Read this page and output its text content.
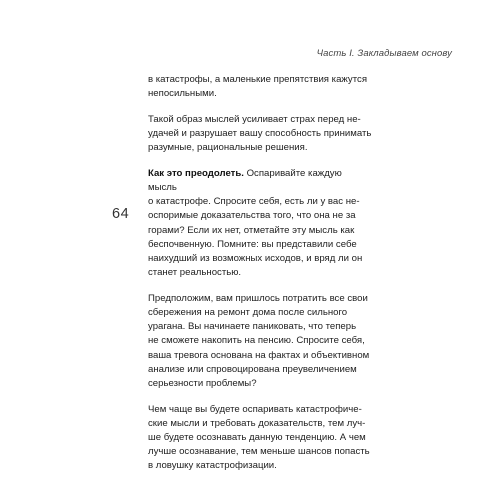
Часть I. Закладываем основу
64

в катастрофы, а маленькие препятствия кажутся
непосильными.

Такой образ мыслей усиливает страх перед не-
удачей и разрушает вашу способность принимать
разумные, рациональные решения.

Как это преодолеть. Оспаривайте каждую мысль
о катастрофе. Спросите себя, есть ли у вас не-
оспоримые доказательства того, что она не за
горами? Если их нет, отметайте эту мысль как
беспочвенную. Помните: вы представили себе
наихудший из возможных исходов, и вряд ли он
станет реальностью.

Предположим, вам пришлось потратить все свои
сбережения на ремонт дома после сильного
урагана. Вы начинаете паниковать, что теперь
не сможете накопить на пенсию. Спросите себя,
ваша тревога основана на фактах и объективном
анализе или спровоцирована преувеличением
серьезности проблемы?

Чем чаще вы будете оспаривать катастрофиче-
ские мысли и требовать доказательств, тем луч-
ше будете осознавать данную тенденцию. А чем
лучше осознавание, тем меньше шансов попасть
в ловушку катастрофизации.
